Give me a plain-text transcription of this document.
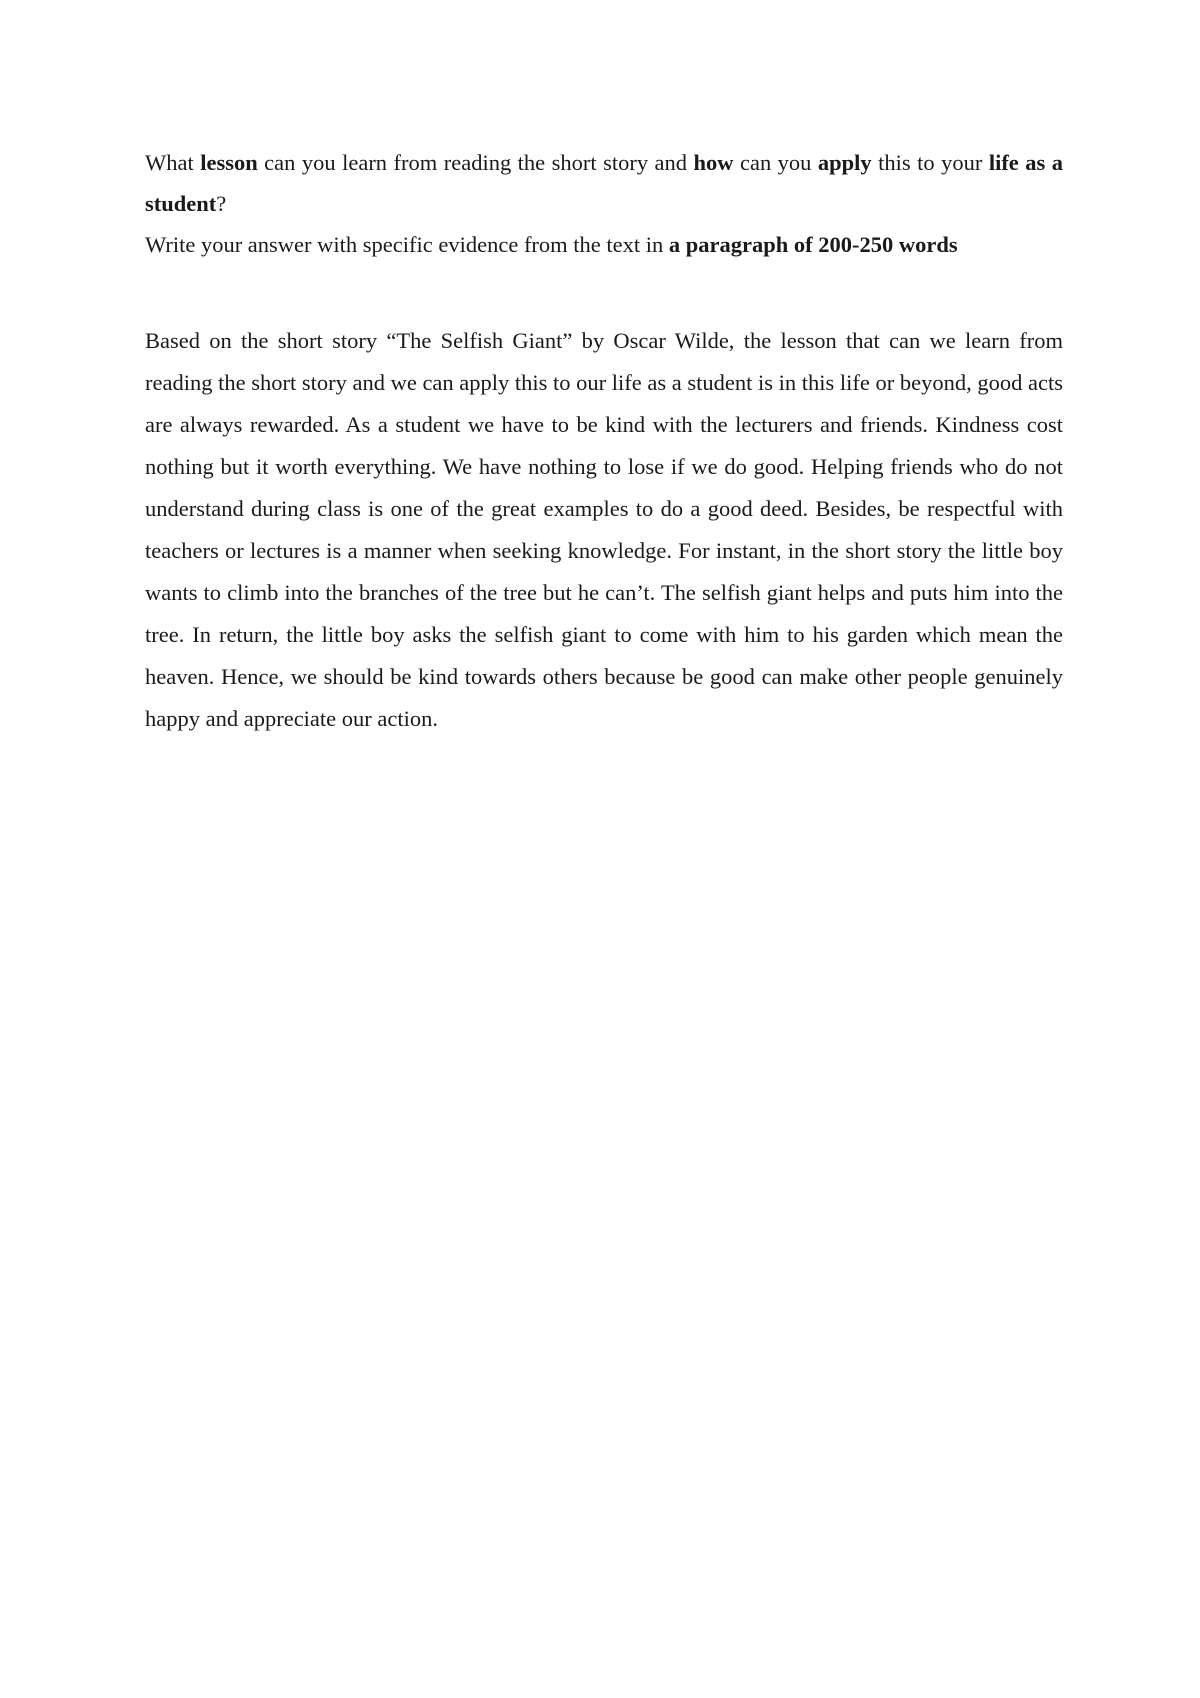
What lesson can you learn from reading the short story and how can you apply this to your life as a student?

Write your answer with specific evidence from the text in a paragraph of 200-250 words

Based on the short story “The Selfish Giant” by Oscar Wilde, the lesson that can we learn from reading the short story and we can apply this to our life as a student is in this life or beyond, good acts are always rewarded. As a student we have to be kind with the lecturers and friends. Kindness cost nothing but it worth everything. We have nothing to lose if we do good. Helping friends who do not understand during class is one of the great examples to do a good deed. Besides, be respectful with teachers or lectures is a manner when seeking knowledge. For instant, in the short story the little boy wants to climb into the branches of the tree but he can’t. The selfish giant helps and puts him into the tree. In return, the little boy asks the selfish giant to come with him to his garden which mean the heaven. Hence, we should be kind towards others because be good can make other people genuinely happy and appreciate our action.
